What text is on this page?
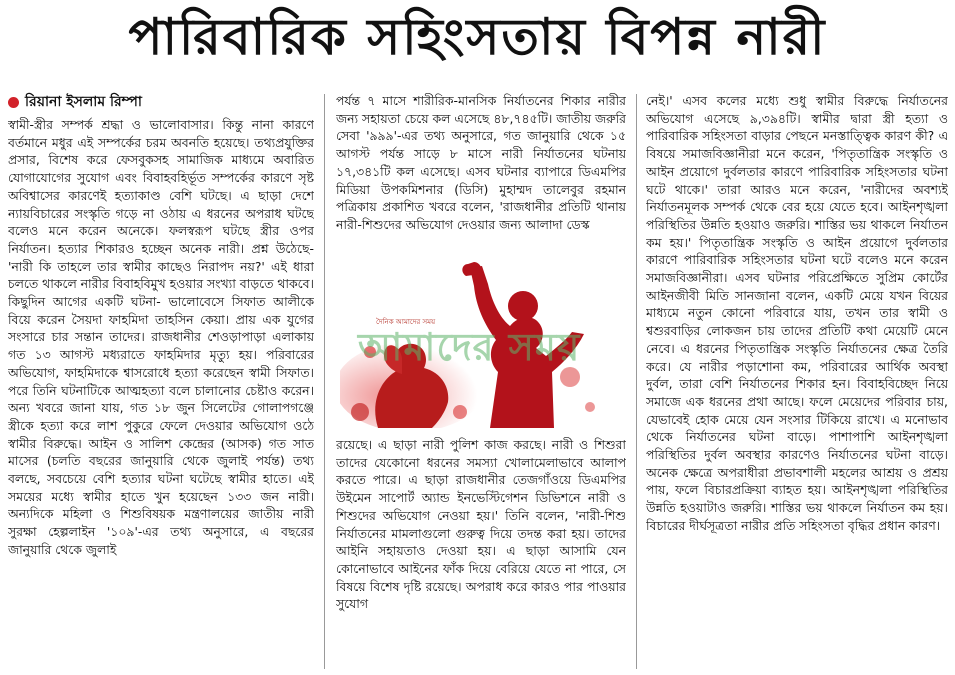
পারিবারিক সহিংসতায় বিপন্ন নারী
রিয়ানা ইসলাম রিম্পা

স্বামী-স্ত্রীর সম্পর্ক শ্রদ্ধা ও ভালোবাসার। কিন্তু নানা কারণে বর্তমানে মধুর এই সম্পর্কের চরম অবনতি হয়েছে। তথ্যপ্রযুক্তির প্রসার, বিশেষ করে ফেসবুকসহ সামাজিক মাধ্যমে অবারিত যোগাযোগের সুযোগ এবং বিবাহবহির্ভূত সম্পর্কের কারণে সৃষ্ট অবিশ্বাসের কারণেই হত্যাকাণ্ড বেশি ঘটছে। এ ছাড়া দেশে ন্যায়বিচারের সংস্কৃতি গড়ে না ওঠায় এ ধরনের অপরাধ ঘটছে বলেও মনে করেন অনেকে। ফলস্বরূপ ঘটছে স্ত্রীর ওপর নির্যাতন। হত্যার শিকারও হচ্ছেন অনেক নারী। প্রশ্ন উঠেছে- 'নারী কি তাহলে তার স্বামীর কাছেও নিরাপদ নয়?' এই ধারা চলতে থাকলে নারীর বিবাহবিমুখ হওয়ার সংখ্যা বাড়তে থাকবে। কিছুদিন আগের একটি ঘটনা- ভালোবেসে সিফাত আলীকে বিয়ে করেন সৈয়দা ফাহমিদা তাহসিন কেয়া। প্রায় এক যুগের সংসারে চার সন্তান তাদের। রাজধানীর শেওড়াপাড়া এলাকায় গত ১৩ আগস্ট মধ্যরাতে ফাহমিদার মৃত্যু হয়। পরিবারের অভিযোগ, ফাহমিদাকে শ্বাসরোধে হত্যা করেছেন স্বামী সিফাত। পরে তিনি ঘটনাটিকে আত্মহত্যা বলে চালানোর চেষ্টাও করেন। অন্য খবরে জানা যায়, গত ১৮ জুন সিলেটের গোলাপগঞ্জে স্ত্রীকে হত্যা করে লাশ পুকুরে ফেলে দেওয়ার অভিযোগ ওঠে স্বামীর বিরুদ্ধে। আইন ও সালিশ কেন্দ্রের (আসক) গত সাত মাসের (চলতি বছরের জানুয়ারি থেকে জুলাই পর্যন্ত) তথ্য বলছে, সবচেয়ে বেশি হত্যার ঘটনা ঘটেছে স্বামীর হাতে। এই সময়ের মধ্যে স্বামীর হাতে খুন হয়েছেন ১৩৩ জন নারী। অন্যদিকে মহিলা ও শিশুবিষয়ক মন্ত্রণালয়ের জাতীয় নারী সুরক্ষা হেল্পলাইন '১০৯'-এর তথ্য অনুসারে, এ বছরের জানুয়ারি থেকে জুলাই

পর্যন্ত ৭ মাসে শারীরিক-মানসিক নির্যাতনের শিকার নারীর জন্য সহায়তা চেয়ে কল এসেছে ৪৮,৭৪৫টি। জাতীয় জরুরি সেবা '৯৯৯'-এর তথ্য অনুসারে, গত জানুয়ারি থেকে ১৫ আগস্ট পর্যন্ত সাড়ে ৮ মাসে নারী নির্যাতনের ঘটনায় ১৭,৩৪১টি কল এসেছে। এসব ঘটনার ব্যাপারে ডিএমপির মিডিয়া উপকমিশনার (ডিসি) মুহাম্মদ তালেবুর রহমান পত্রিকায় প্রকাশিত খবরে বলেন, 'রাজধানীর প্রতিটি থানায় নারী-শিশুদের অভিযোগ দেওয়ার জন্য আলাদা ডেস্ক

দৈনিক আমাদের সময়
আমাদের সময়

রয়েছে। এ ছাড়া নারী পুলিশ কাজ করছে। নারী ও শিশুরা তাদের যেকোনো ধরনের সমস্যা খোলামেলাভাবে আলাপ করতে পারে। এ ছাড়া রাজধানীর তেজগাঁওয়ে ডিএমপির উইমেন সাপোর্ট অ্যান্ড ইনভেস্টিগেশন ডিভিশনে নারী ও শিশুদের অভিযোগ নেওয়া হয়।' তিনি বলেন, 'নারী-শিশু নির্যাতনের মামলাগুলো গুরুত্ব দিয়ে তদন্ত করা হয়। তাদের আইনি সহায়তাও দেওয়া হয়। এ ছাড়া আসামি যেন কোনোভাবে আইনের ফাঁক দিয়ে বেরিয়ে যেতে না পারে, সে বিষয়ে বিশেষ দৃষ্টি রয়েছে। অপরাধ করে কারও পার পাওয়ার সুযোগ

নেই।' এসব কলের মধ্যে শুধু স্বামীর বিরুদ্ধে নির্যাতনের অভিযোগ এসেছে ৯,৩৯৪টি। স্বামীর দ্বারা স্ত্রী হত্যা ও পারিবারিক সহিংসতা বাড়ার পেছনে মনস্তাত্ত্বিক কারণ কী? এ বিষয়ে সমাজবিজ্ঞানীরা মনে করেন, 'পিতৃতান্ত্রিক সংস্কৃতি ও আইন প্রয়োগে দুর্বলতার কারণে পারিবারিক সহিংসতার ঘটনা ঘটে থাকে।' তারা আরও মনে করেন, 'নারীদের অবশ্যই নির্যাতনমূলক সম্পর্ক থেকে বের হয়ে যেতে হবে। আইনশৃঙ্খলা পরিস্থিতির উন্নতি হওয়াও জরুরি। শাস্তির ভয় থাকলে নির্যাতন কম হয়।' পিতৃতান্ত্রিক সংস্কৃতি ও আইন প্রয়োগে দুর্বলতার কারণে পারিবারিক সহিংসতার ঘটনা ঘটে বলেও মনে করেন সমাজবিজ্ঞানীরা। এসব ঘটনার পরিপ্রেক্ষিতে সুপ্রিম কোর্টের আইনজীবী মিতি সানজানা বলেন, একটি মেয়ে যখন বিয়ের মাধ্যমে নতুন কোনো পরিবারে যায়, তখন তার স্বামী ও শ্বশুরবাড়ির লোকজন চায় তাদের প্রতিটি কথা মেয়েটি মেনে নেবে। এ ধরনের পিতৃতান্ত্রিক সংস্কৃতি নির্যাতনের ক্ষেত্র তৈরি করে। যে নারীর পড়াশোনা কম, পরিবারের আর্থিক অবস্থা দুর্বল, তারা বেশি নির্যাতনের শিকার হন। বিবাহবিচ্ছেদ নিয়ে সমাজে এক ধরনের প্রথা আছে। ফলে মেয়েদের পরিবার চায়, যেভাবেই হোক মেয়ে যেন সংসার টিকিয়ে রাখে। এ মনোভাব থেকে নির্যাতনের ঘটনা বাড়ে। পাশাপাশি আইনশৃঙ্খলা পরিস্থিতির দুর্বল অবস্থার কারণেও নির্যাতনের ঘটনা বাড়ে। অনেক ক্ষেত্রে অপরাধীরা প্রভাবশালী মহলের আশ্রয় ও প্রশ্রয় পায়, ফলে বিচারপ্রক্রিয়া ব্যাহত হয়। আইনশৃঙ্খলা পরিস্থিতির উন্নতি হওয়াটাও জরুরি। শাস্তির ভয় থাকলে নির্যাতন কম হয়। বিচারের দীর্ঘসূত্রতা নারীর প্রতি সহিংসতা বৃদ্ধির প্রধান কারণ।
